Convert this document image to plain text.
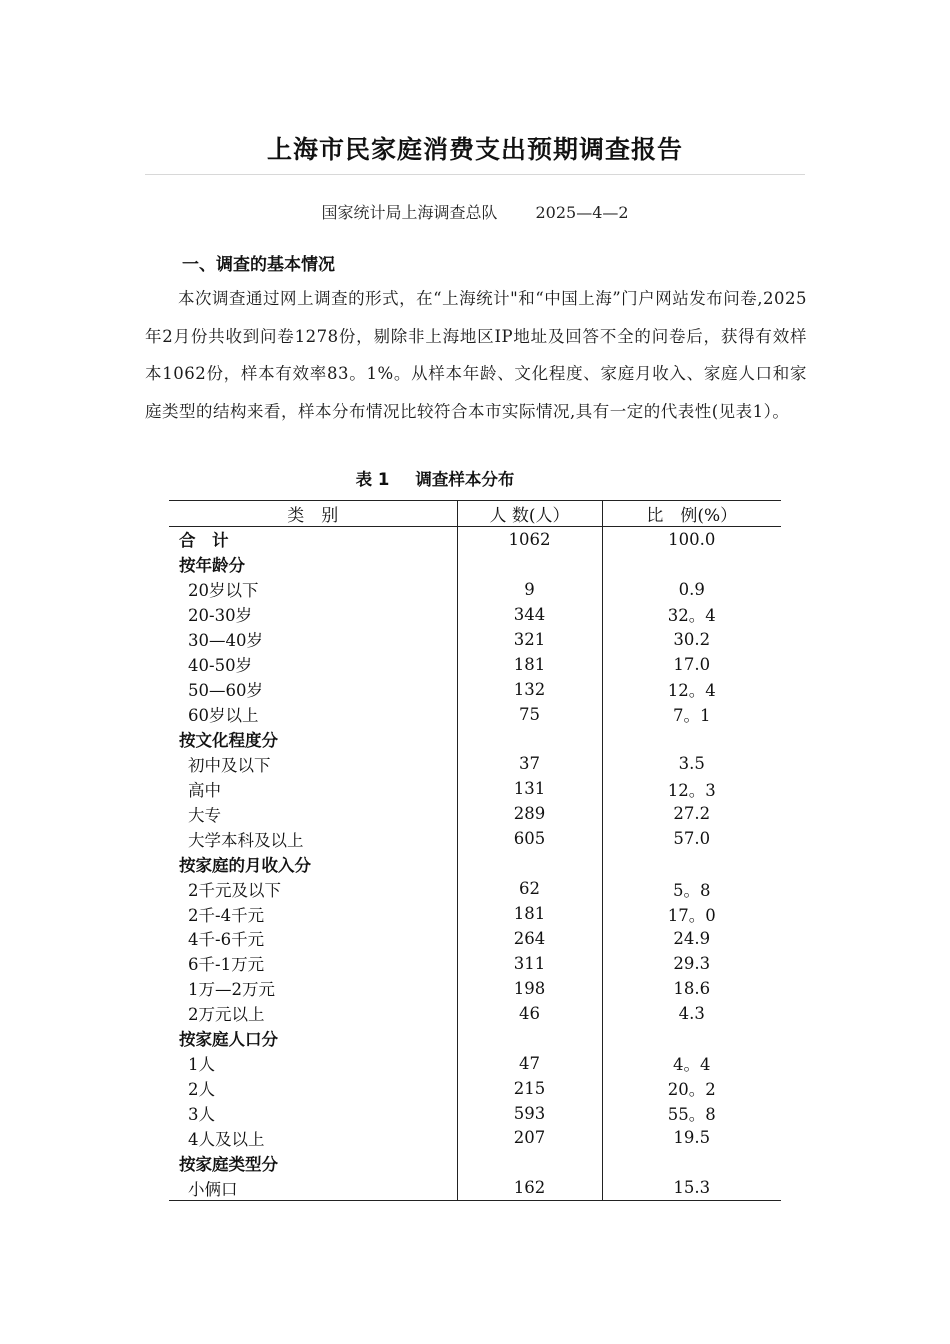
上海市民家庭消费支出预期调查报告
国家统计局上海调查总队 2025—4—2
一、调查的基本情况

本次调查通过网上调查的形式，在“上海统计"和“中国上海”门户网站发布问卷,2025年2月份共收到问卷1278份，剔除非上海地区IP地址及回答不全的问卷后，获得有效样本1062份，样本有效率83。1%。从样本年龄、文化程度、家庭月收入、家庭人口和家庭类型的结构来看，样本分布情况比较符合本市实际情况,具有一定的代表性(见表1）。

表 1 调查样本分布
类　别	人 数(人）	比　例(%）
合　计	1062	100.0
按年龄分		
20岁以下	9	0.9
20-30岁	344	32。4
30—40岁	321	30.2
40-50岁	181	17.0
50—60岁	132	12。4
60岁以上	75	7。1
按文化程度分		
初中及以下	37	3.5
高中	131	12。3
大专	289	27.2
大学本科及以上	605	57.0
按家庭的月收入分		
2千元及以下	62	5。8
2千-4千元	181	17。0
4千-6千元	264	24.9
6千-1万元	311	29.3
1万—2万元	198	18.6
2万元以上	46	4.3
按家庭人口分		
1人	47	4。4
2人	215	20。2
3人	593	55。8
4人及以上	207	19.5
按家庭类型分		
小俩口	162	15.3
